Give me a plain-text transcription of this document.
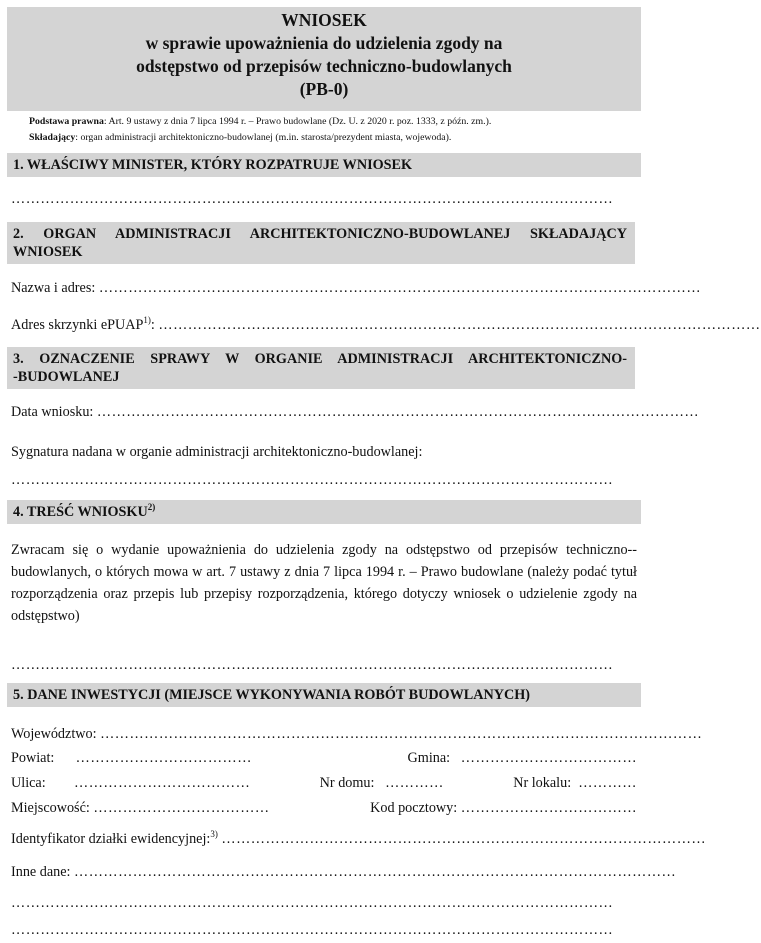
WNIOSEK
w sprawie upoważnienia do udzielenia zgody na
odstępstwo od przepisów techniczno-budowlanych
(PB-0)
Podstawa prawna: Art. 9 ustawy z dnia 7 lipca 1994 r. – Prawo budowlane (Dz. U. z 2020 r. poz. 1333, z późn. zm.).
Składający: organ administracji architektoniczno-budowlanej (m.in. starosta/prezydent miasta, wojewoda).
1. WŁAŚCIWY MINISTER, KTÓRY ROZPATRUJE WNIOSEK
……………………………………………………………………………………………………………
2. ORGAN ADMINISTRACJI ARCHITEKTONICZNO-BUDOWLANEJ SKŁADAJĄCY
WNIOSEK
Nazwa i adres: ……………………………………………………………………………………………………………
Adres skrzynki ePUAP$^{1)}$: ……………………………………………………………………………………………………………
3. OZNACZENIE SPRAWY W ORGANIE ADMINISTRACJI ARCHITEKTONICZNO-
-BUDOWLANEJ
Data wniosku: ……………………………………………………………………………………………………………
Sygnatura nadana w organie administracji architektoniczno-budowlanej:
……………………………………………………………………………………………………………
4. TREŚĆ WNIOSKU$^{2)}$
Zwracam się o wydanie upoważnienia do udzielenia zgody na odstępstwo od przepisów techniczno--budowlanych, o których mowa w art. 7 ustawy z dnia 7 lipca 1994 r. – Prawo budowlane (należy podać tytuł rozporządzenia oraz przepis lub przepisy rozporządzenia, którego dotyczy wniosek o udzielenie zgody na odstępstwo)
……………………………………………………………………………………………………………
5. DANE INWESTYCJI (MIEJSCE WYKONYWANIA ROBÓT BUDOWLANYCH)
Województwo: ……………………………………………………………………………………………………………
Powiat: ………………………………	Gmina: ………………………………
Ulica: ………………………………	Nr domu: …………	Nr lokalu: …………
Miejscowość: ………………………………	Kod pocztowy: ………………………………
Identyfikator działki ewidencyjnej:$^{3)}$ ………………………………………………………………………………………
Inne dane: ……………………………………………………………………………………………………………
……………………………………………………………………………………………………………
……………………………………………………………………………………………………………
